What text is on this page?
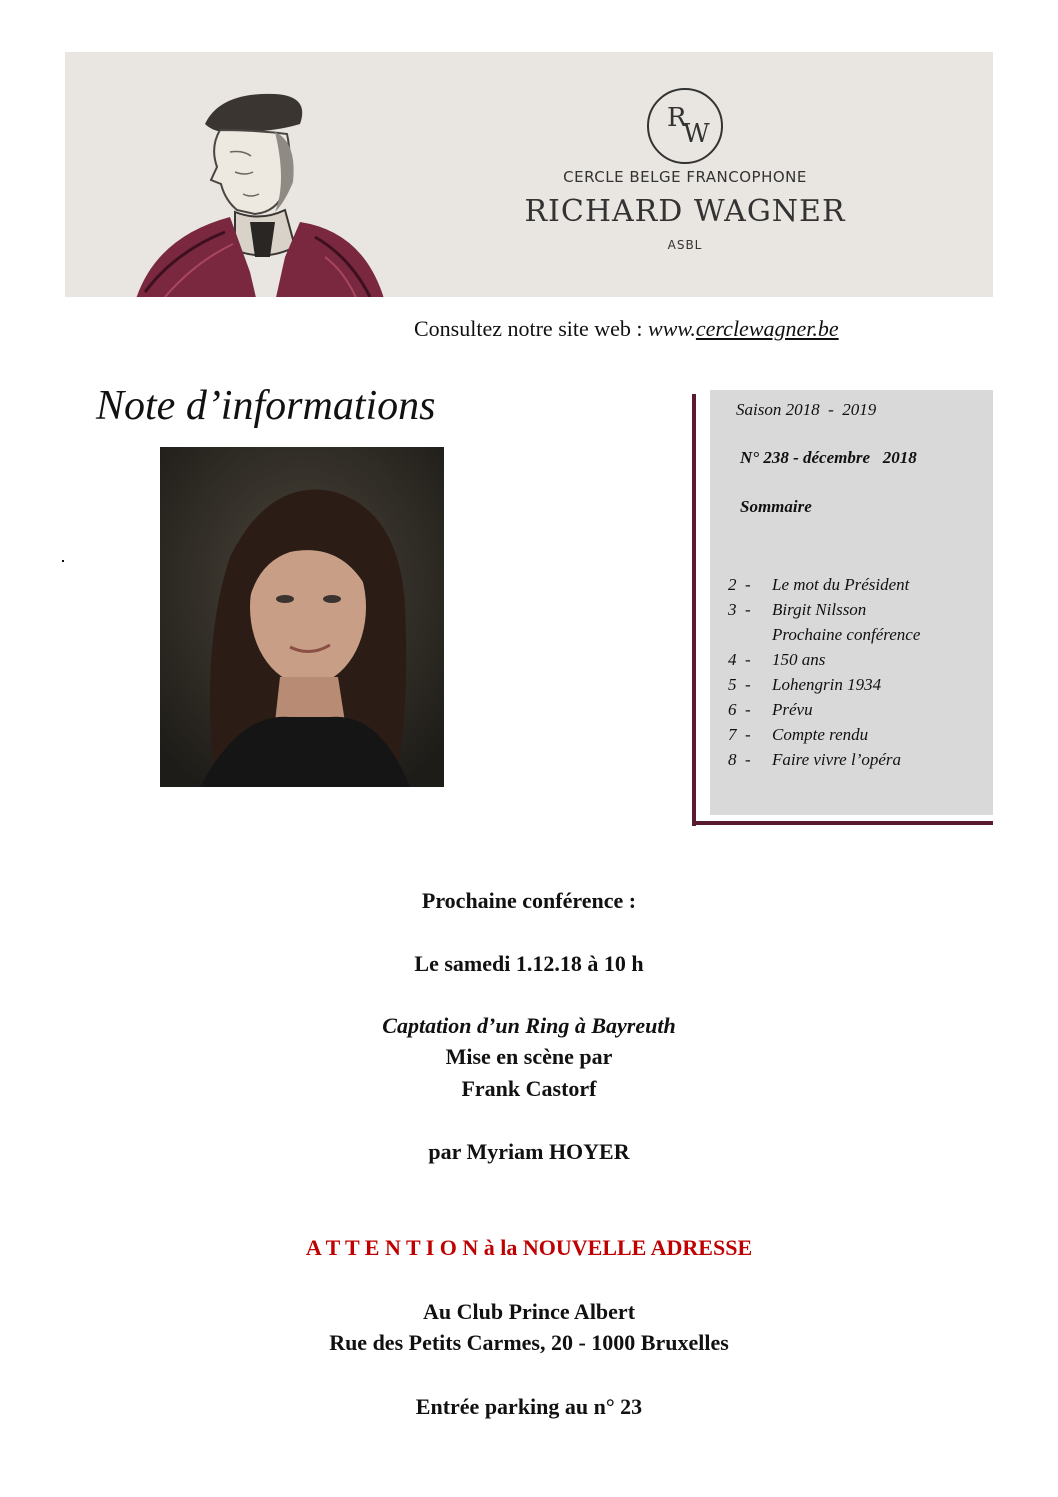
R
W
CERCLE BELGE FRANCOPHONE
RICHARD WAGNER
ASBL
Consultez notre site web : www.cerclewagner.be
Note d’informations	Saison 2018  -  2019
N° 238 - décembre   2018
Sommaire
2  -	Le mot du Président
3  -	Birgit Nilsson
Prochaine conférence
4  -	150 ans
5  -	Lohengrin 1934
6  -	Prévu
7  -	Compte rendu
8  -	Faire vivre l’opéra
Prochaine conférence :
Le samedi 1.12.18 à 10 h
Captation d’un Ring à Bayreuth
Mise en scène par
Frank Castorf
par Myriam HOYER
A T T E N T I O N à la NOUVELLE ADRESSE
Au Club Prince Albert
Rue des Petits Carmes, 20 - 1000 Bruxelles
Entrée parking au n° 23
